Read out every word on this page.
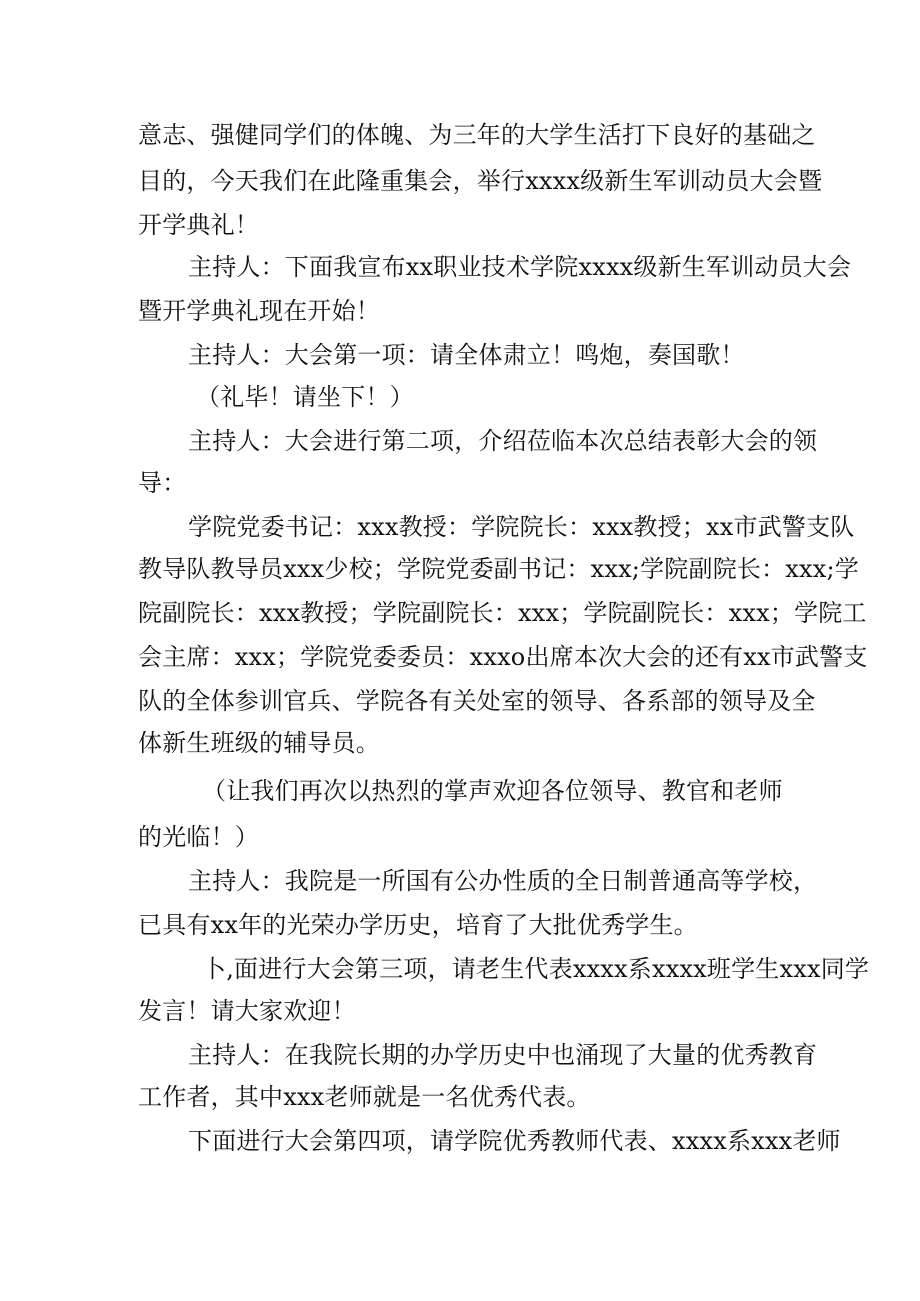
意志、强健同学们的体魄、为三年的大学生活打下良好的基础之
目的，今天我们在此隆重集会，举行xxxx级新生军训动员大会暨
开学典礼！
主持人：下面我宣布xx职业技术学院xxxx级新生军训动员大会
暨开学典礼现在开始！
主持人：大会第一项：请全体肃立！鸣炮，奏国歌！
（礼毕！请坐下！）
主持人：大会进行第二项，介绍莅临本次总结表彰大会的领
导：
学院党委书记：xxx教授：学院院长：xxx教授；xx市武警支队
教导队教导员xxx少校；学院党委副书记：xxx;学院副院长：xxx;学
院副院长：xxx教授；学院副院长：xxx；学院副院长：xxx；学院工
会主席：xxx；学院党委委员：xxxo出席本次大会的还有xx市武警支
队的全体参训官兵、学院各有关处室的领导、各系部的领导及全
体新生班级的辅导员。
（让我们再次以热烈的掌声欢迎各位领导、教官和老师
的光临！）
主持人：我院是一所国有公办性质的全日制普通高等学校，
已具有xx年的光荣办学历史，培育了大批优秀学生。
卜,面进行大会第三项，请老生代表xxxx系xxxx班学生xxx同学
发言！请大家欢迎！
主持人：在我院长期的办学历史中也涌现了大量的优秀教育
工作者，其中xxx老师就是一名优秀代表。
下面进行大会第四项，请学院优秀教师代表、xxxx系xxx老师
